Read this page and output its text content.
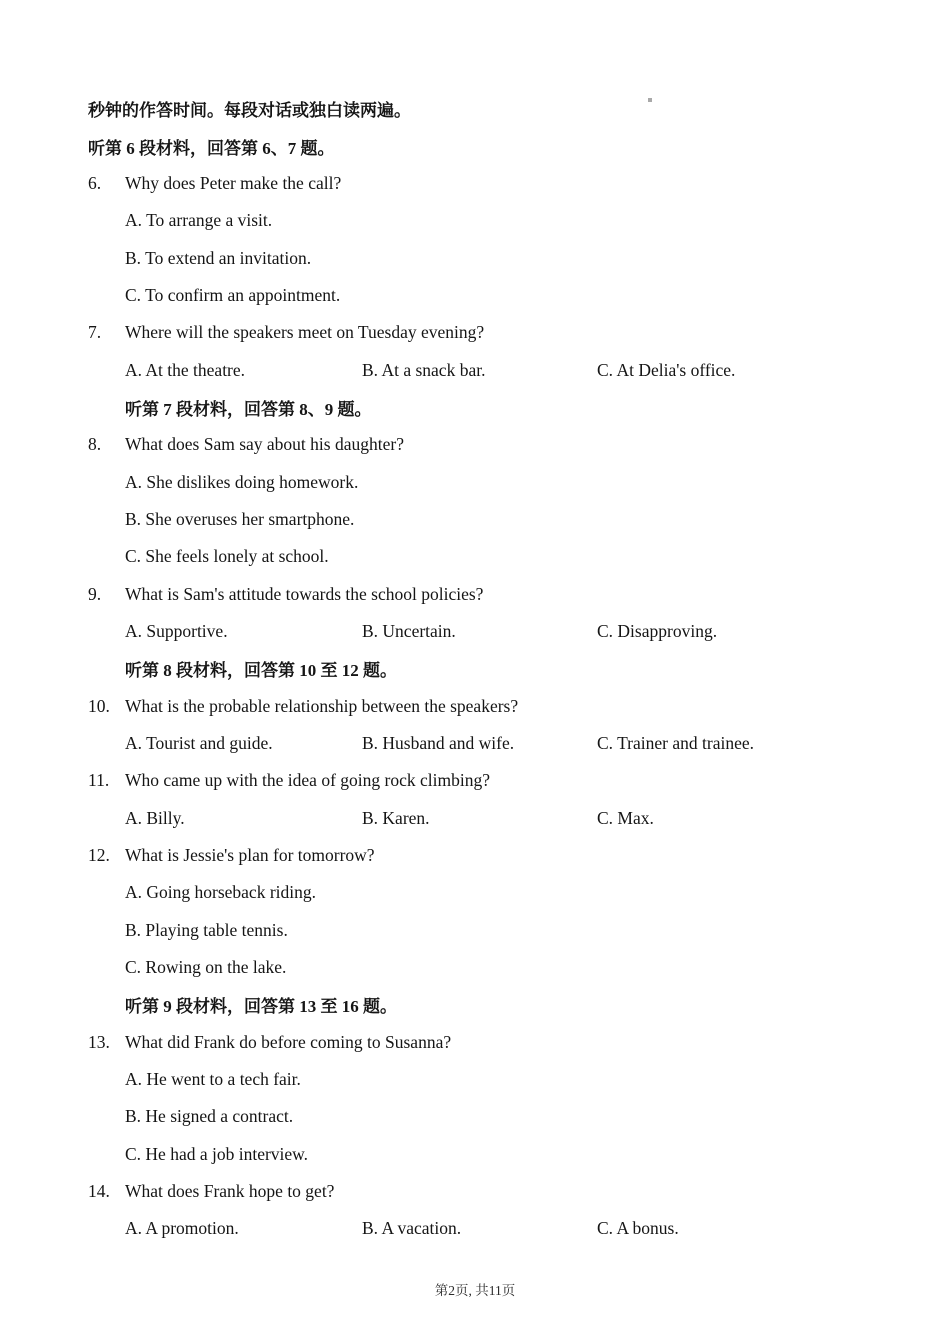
秒钟的作答时间。每段对话或独白读两遍。
听第 6 段材料，回答第 6、7 题。
6.	Why does Peter make the call?
A. To arrange a visit.
B. To extend an invitation.
C. To confirm an appointment.
7.	Where will the speakers meet on Tuesday evening?
A. At the theatre.	B. At a snack bar.	C. At Delia's office.
听第 7 段材料，回答第 8、9 题。
8.	What does Sam say about his daughter?
A. She dislikes doing homework.
B. She overuses her smartphone.
C. She feels lonely at school.
9.	What is Sam's attitude towards the school policies?
A. Supportive.	B. Uncertain.	C. Disapproving.
听第 8 段材料，回答第 10 至 12 题。
10. What is the probable relationship between the speakers?
A. Tourist and guide.	B. Husband and wife.	C. Trainer and trainee.
11. Who came up with the idea of going rock climbing?
A. Billy.	B. Karen.	C. Max.
12. What is Jessie's plan for tomorrow?
A. Going horseback riding.
B. Playing table tennis.
C. Rowing on the lake.
听第 9 段材料，回答第 13 至 16 题。
13. What did Frank do before coming to Susanna?
A. He went to a tech fair.
B. He signed a contract.
C. He had a job interview.
14. What does Frank hope to get?
A. A promotion.	B. A vacation.	C. A bonus.
第2页, 共11页
